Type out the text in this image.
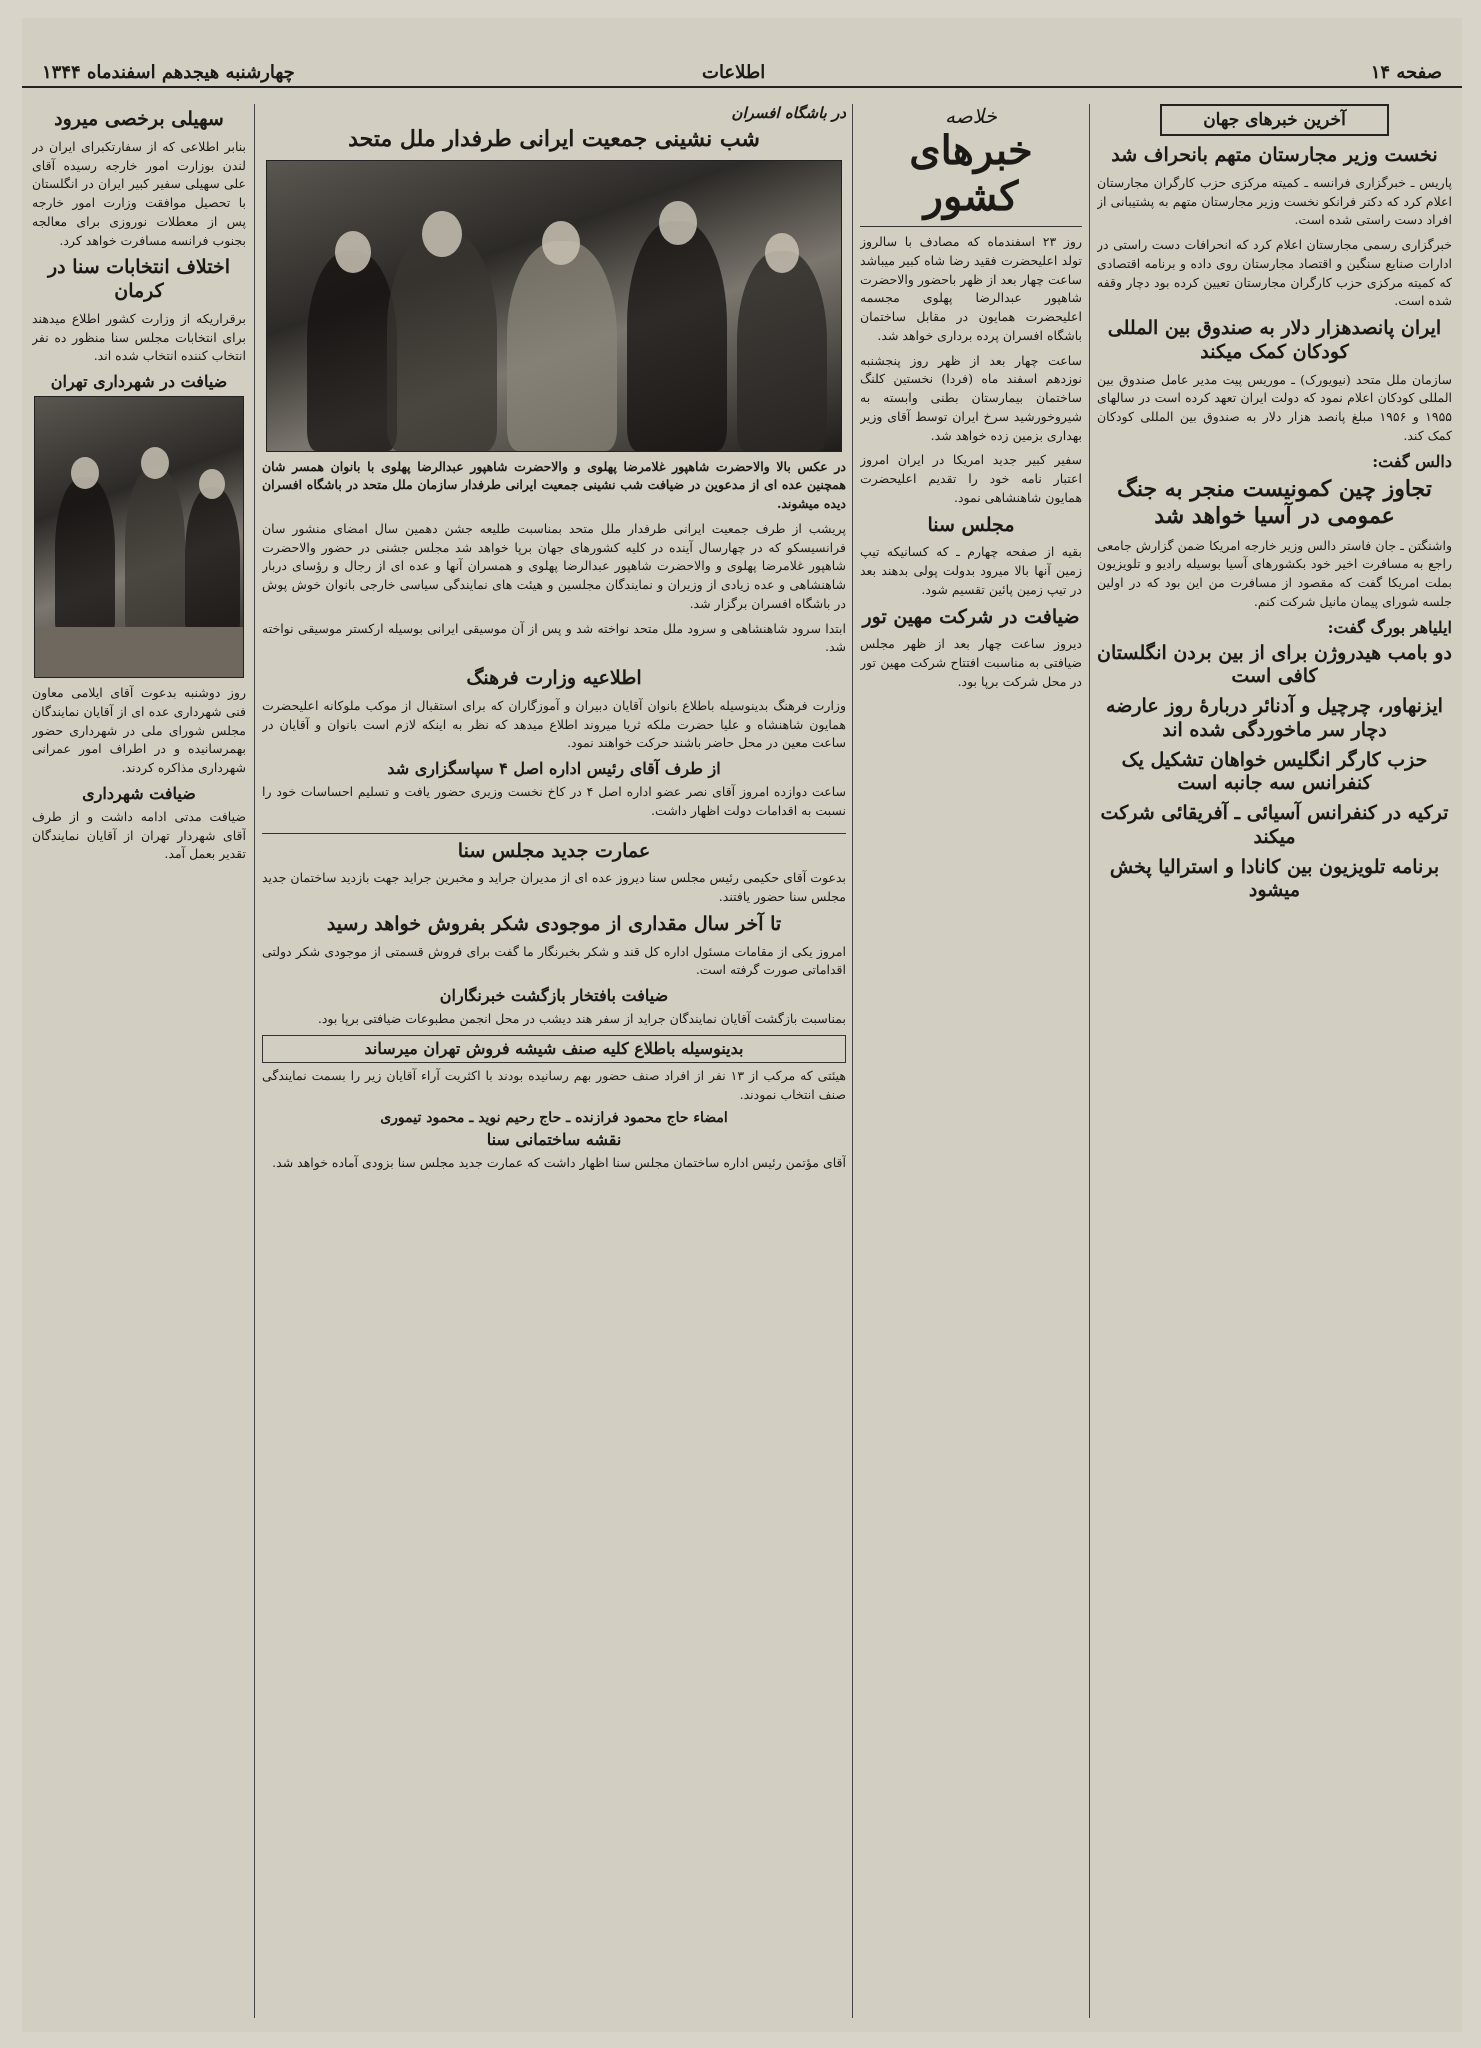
چهارشنبه هیجدهم اسفندماه ۱۳۴۴	اطلاعات	صفحه ۱۴
آخرین خبرهای جهان
نخست وزیر مجارستان متهم بانحراف شد

پاریس ـ خبرگزاری فرانسه ـ کمیته مرکزی حزب کارگران مجارستان اعلام کرد که دکتر فرانکو نخست وزیر مجارستان متهم به پشتیبانی از افراد دست راستی شده است.

خبرگزاری رسمی مجارستان اعلام کرد که انحرافات دست راستی در ادارات صنایع سنگین و اقتصاد مجارستان روی داده و برنامه اقتصادی که کمیته مرکزی حزب کارگران مجارستان تعیین کرده بود دچار وقفه شده است.

ایران پانصدهزار دلار به صندوق بین المللی کودکان کمک میکند

سازمان ملل متحد (نیویورک) ـ موریس پیت مدیر عامل صندوق بین المللی کودکان اعلام نمود که دولت ایران تعهد کرده است در سالهای ۱۹۵۵ و ۱۹۵۶ مبلغ پانصد هزار دلار به صندوق بین المللی کودکان کمک کند.

دالس گفت:
تجاوز چین کمونیست منجر به جنگ عمومی در آسیا خواهد شد

واشنگتن ـ جان فاستر دالس وزیر خارجه امریکا ضمن گزارش جامعی راجع به مسافرت اخیر خود بکشورهای آسیا بوسیله رادیو و تلویزیون بملت امریکا گفت که مقصود از مسافرت من این بود که در اولین جلسه شورای پیمان مانیل شرکت کنم.

ایلیاهر بورگ گفت:
دو بامب هیدروژن برای از بین بردن انگلستان کافی است
ایزنهاور، چرچیل و آدنائر دربارهٔ روز عارضه دچار سر ماخوردگی شده اند
حزب کارگر انگلیس خواهان تشکیل یک کنفرانس سه جانبه است
ترکیه در کنفرانس آسیائی ـ آفریقائی شرکت میکند
برنامه تلویزیون بین کانادا و استرالیا پخش میشود
خلاصه
خبرهای کشور

روز ۲۳ اسفندماه که مصادف با سالروز تولد اعلیحضرت فقید رضا شاه کبیر میباشد ساعت چهار بعد از ظهر باحضور والاحضرت شاهپور عبدالرضا پهلوی مجسمه اعلیحضرت همایون در مقابل ساختمان باشگاه افسران پرده برداری خواهد شد.

ساعت چهار بعد از ظهر روز پنجشنبه نوزدهم اسفند ماه (فردا) نخستین کلنگ ساختمان بیمارستان بطنی وابسته به شیروخورشید سرخ ایران توسط آقای وزیر بهداری بزمین زده خواهد شد.

سفیر کبیر جدید امریکا در ایران امروز اعتبار نامه خود را تقدیم اعلیحضرت همایون شاهنشاهی نمود.

مجلس سنا

بقیه از صفحه چهارم ـ که کسانیکه تیپ زمین آنها بالا میرود بدولت پولی بدهند بعد در تیپ زمین پائین تقسیم شود.

ضیافت در شرکت مهین تور

دیروز ساعت چهار بعد از ظهر مجلس ضیافتی به مناسبت افتتاح شرکت مهین تور در محل شرکت برپا بود.

در باشگاه افسران
شب نشینی جمعیت ایرانی طرفدار ملل متحد

در عکس بالا والاحضرت شاهپور غلامرضا پهلوی و والاحضرت شاهپور عبدالرضا پهلوی با بانوان همسر شان همچنین عده ای از مدعوین در ضیافت شب نشینی جمعیت ایرانی طرفدار سازمان ملل متحد در باشگاه افسران دیده میشوند.

پریشب از طرف جمعیت ایرانی طرفدار ملل متحد بمناسبت طلیعه جشن دهمین سال امضای منشور سان فرانسیسکو که در چهارسال آینده در کلیه کشورهای جهان برپا خواهد شد مجلس جشنی در حضور والاحضرت شاهپور غلامرضا پهلوی و والاحضرت شاهپور عبدالرضا پهلوی و همسران آنها و عده ای از رجال و رؤسای دربار شاهنشاهی و عده زیادی از وزیران و نمایندگان مجلسین و هیئت های نمایندگی سیاسی خارجی بانوان خوش پوش در باشگاه افسران برگزار شد.

ابتدا سرود شاهنشاهی و سرود ملل متحد نواخته شد و پس از آن موسیقی ایرانی بوسیله ارکستر موسیقی نواخته شد.

اطلاعیه وزارت فرهنگ

وزارت فرهنگ بدینوسیله باطلاع بانوان آقایان دبیران و آموزگاران که برای استقبال از موکب ملوکانه اعلیحضرت همایون شاهنشاه و علیا حضرت ملکه ثریا میروند اطلاع میدهد که نظر به اینکه لازم است بانوان و آقایان در ساعت معین در محل حاضر باشند حرکت خواهند نمود.

از طرف آقای رئیس اداره اصل ۴ سپاسگزاری شد

ساعت دوازده امروز آقای نصر عضو اداره اصل ۴ در کاخ نخست وزیری حضور یافت و تسلیم احساسات خود را نسبت به اقدامات دولت اظهار داشت.

عمارت جدید مجلس سنا

بدعوت آقای حکیمی رئیس مجلس سنا دیروز عده ای از مدیران جراید و مخبرین جراید جهت بازدید ساختمان جدید مجلس سنا حضور یافتند.

تا آخر سال مقداری از موجودی شکر بفروش خواهد رسید

امروز یکی از مقامات مسئول اداره کل قند و شکر بخبرنگار ما گفت برای فروش قسمتی از موجودی شکر دولتی اقداماتی صورت گرفته است.

ضیافت بافتخار بازگشت خبرنگاران

بمناسبت بازگشت آقایان نمایندگان جراید از سفر هند دیشب در محل انجمن مطبوعات ضیافتی برپا بود.

بدینوسیله باطلاع کلیه صنف شیشه فروش تهران میرساند

هیئتی که مرکب از ۱۳ نفر از افراد صنف حضور بهم رسانیده بودند با اکثریت آراء آقایان زیر را بسمت نمایندگی صنف انتخاب نمودند.

امضاء حاج محمود فرازنده ـ حاج رحیم نوید ـ محمود تیموری
نقشه ساختمانی سنا

آقای مؤتمن رئیس اداره ساختمان مجلس سنا اظهار داشت که عمارت جدید مجلس سنا بزودی آماده خواهد شد.

سهیلی برخصی میرود

بنابر اطلاعی که از سفارتکبرای ایران در لندن بوزارت امور خارجه رسیده آقای علی سهیلی سفیر کبیر ایران در انگلستان با تحصیل موافقت وزارت امور خارجه پس از معطلات نوروزی برای معالجه بجنوب فرانسه مسافرت خواهد کرد.

اختلاف انتخابات سنا در کرمان

برقراریکه از وزارت کشور اطلاع میدهند برای انتخابات مجلس سنا منظور ده نفر انتخاب کننده انتخاب شده اند.

ضیافت در شهرداری تهران

روز دوشنبه بدعوت آقای ایلامی معاون فنی شهرداری عده ای از آقایان نمایندگان مجلس شورای ملی در شهرداری حضور بهمرسانیده و در اطراف امور عمرانی شهرداری مذاکره کردند.

ضیافت شهرداری

ضیافت مدتی ادامه داشت و از طرف آقای شهردار تهران از آقایان نمایندگان تقدیر بعمل آمد.
